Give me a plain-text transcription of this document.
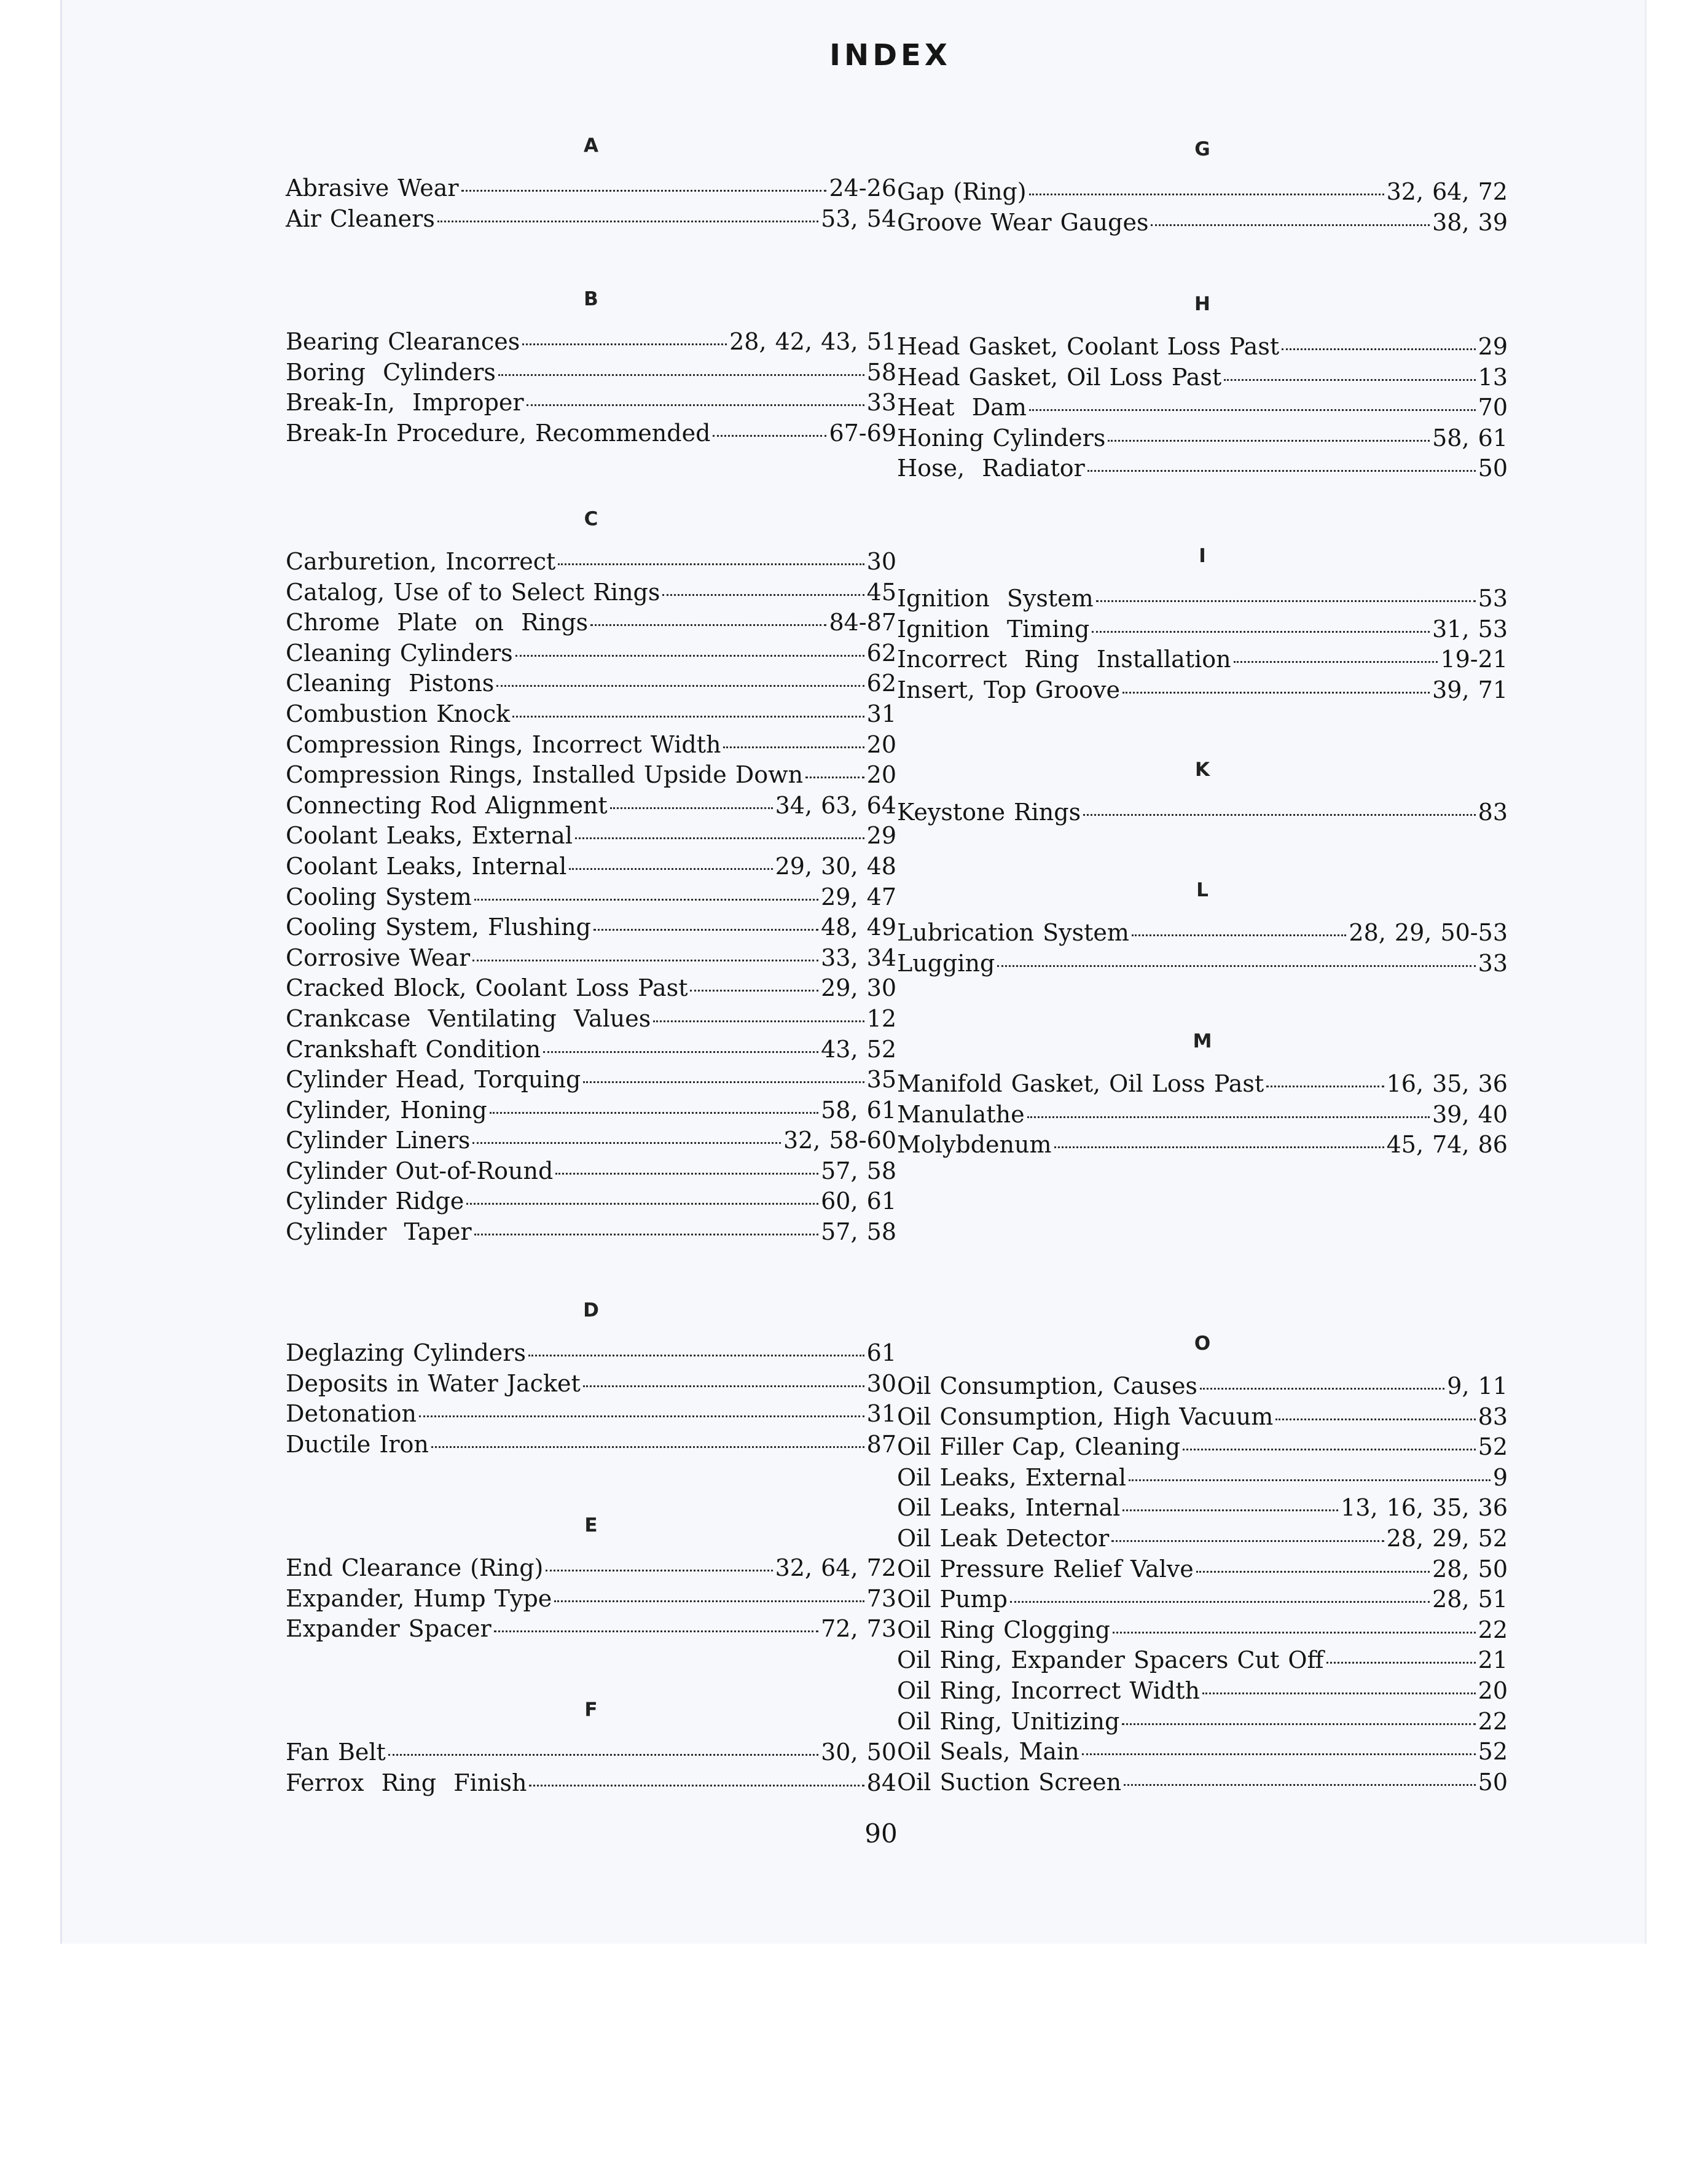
INDEX
A
Abrasive Wear	24-26
Air Cleaners	53, 54
B
Bearing Clearances	28, 42, 43, 51
Boring  Cylinders	58
Break-In,  Improper	33
Break-In Procedure, Recommended	67-69
C
Carburetion, Incorrect	30
Catalog, Use of to Select Rings	45
Chrome  Plate  on  Rings	84-87
Cleaning Cylinders	62
Cleaning  Pistons	62
Combustion Knock	31
Compression Rings, Incorrect Width	20
Compression Rings, Installed Upside Down	20
Connecting Rod Alignment	34, 63, 64
Coolant Leaks, External	29
Coolant Leaks, Internal	29, 30, 48
Cooling System	29, 47
Cooling System, Flushing	48, 49
Corrosive Wear	33, 34
Cracked Block, Coolant Loss Past	29, 30
Crankcase  Ventilating  Values	12
Crankshaft Condition	43, 52
Cylinder Head, Torquing	35
Cylinder, Honing	58, 61
Cylinder Liners	32, 58-60
Cylinder Out-of-Round	57, 58
Cylinder Ridge	60, 61
Cylinder  Taper	57, 58
D
Deglazing Cylinders	61
Deposits in Water Jacket	30
Detonation	31
Ductile Iron	87
E
End Clearance (Ring)	32, 64, 72
Expander, Hump Type	73
Expander Spacer	72, 73
F
Fan Belt	30, 50
Ferrox  Ring  Finish	84
G
Gap (Ring)	32, 64, 72
Groove Wear Gauges	38, 39
H
Head Gasket, Coolant Loss Past	29
Head Gasket, Oil Loss Past	13
Heat  Dam	70
Honing Cylinders	58, 61
Hose,  Radiator	50
I
Ignition  System	53
Ignition  Timing	31, 53
Incorrect  Ring  Installation	19-21
Insert, Top Groove	39, 71
K
Keystone Rings	83
L
Lubrication System	28, 29, 50-53
Lugging	33
M
Manifold Gasket, Oil Loss Past	16, 35, 36
Manulathe	39, 40
Molybdenum	45, 74, 86
O
Oil Consumption, Causes	9, 11
Oil Consumption, High Vacuum	83
Oil Filler Cap, Cleaning	52
Oil Leaks, External	9
Oil Leaks, Internal	13, 16, 35, 36
Oil Leak Detector	28, 29, 52
Oil Pressure Relief Valve	28, 50
Oil Pump	28, 51
Oil Ring Clogging	22
Oil Ring, Expander Spacers Cut Off	21
Oil Ring, Incorrect Width	20
Oil Ring, Unitizing	22
Oil Seals, Main	52
Oil Suction Screen	50
90
